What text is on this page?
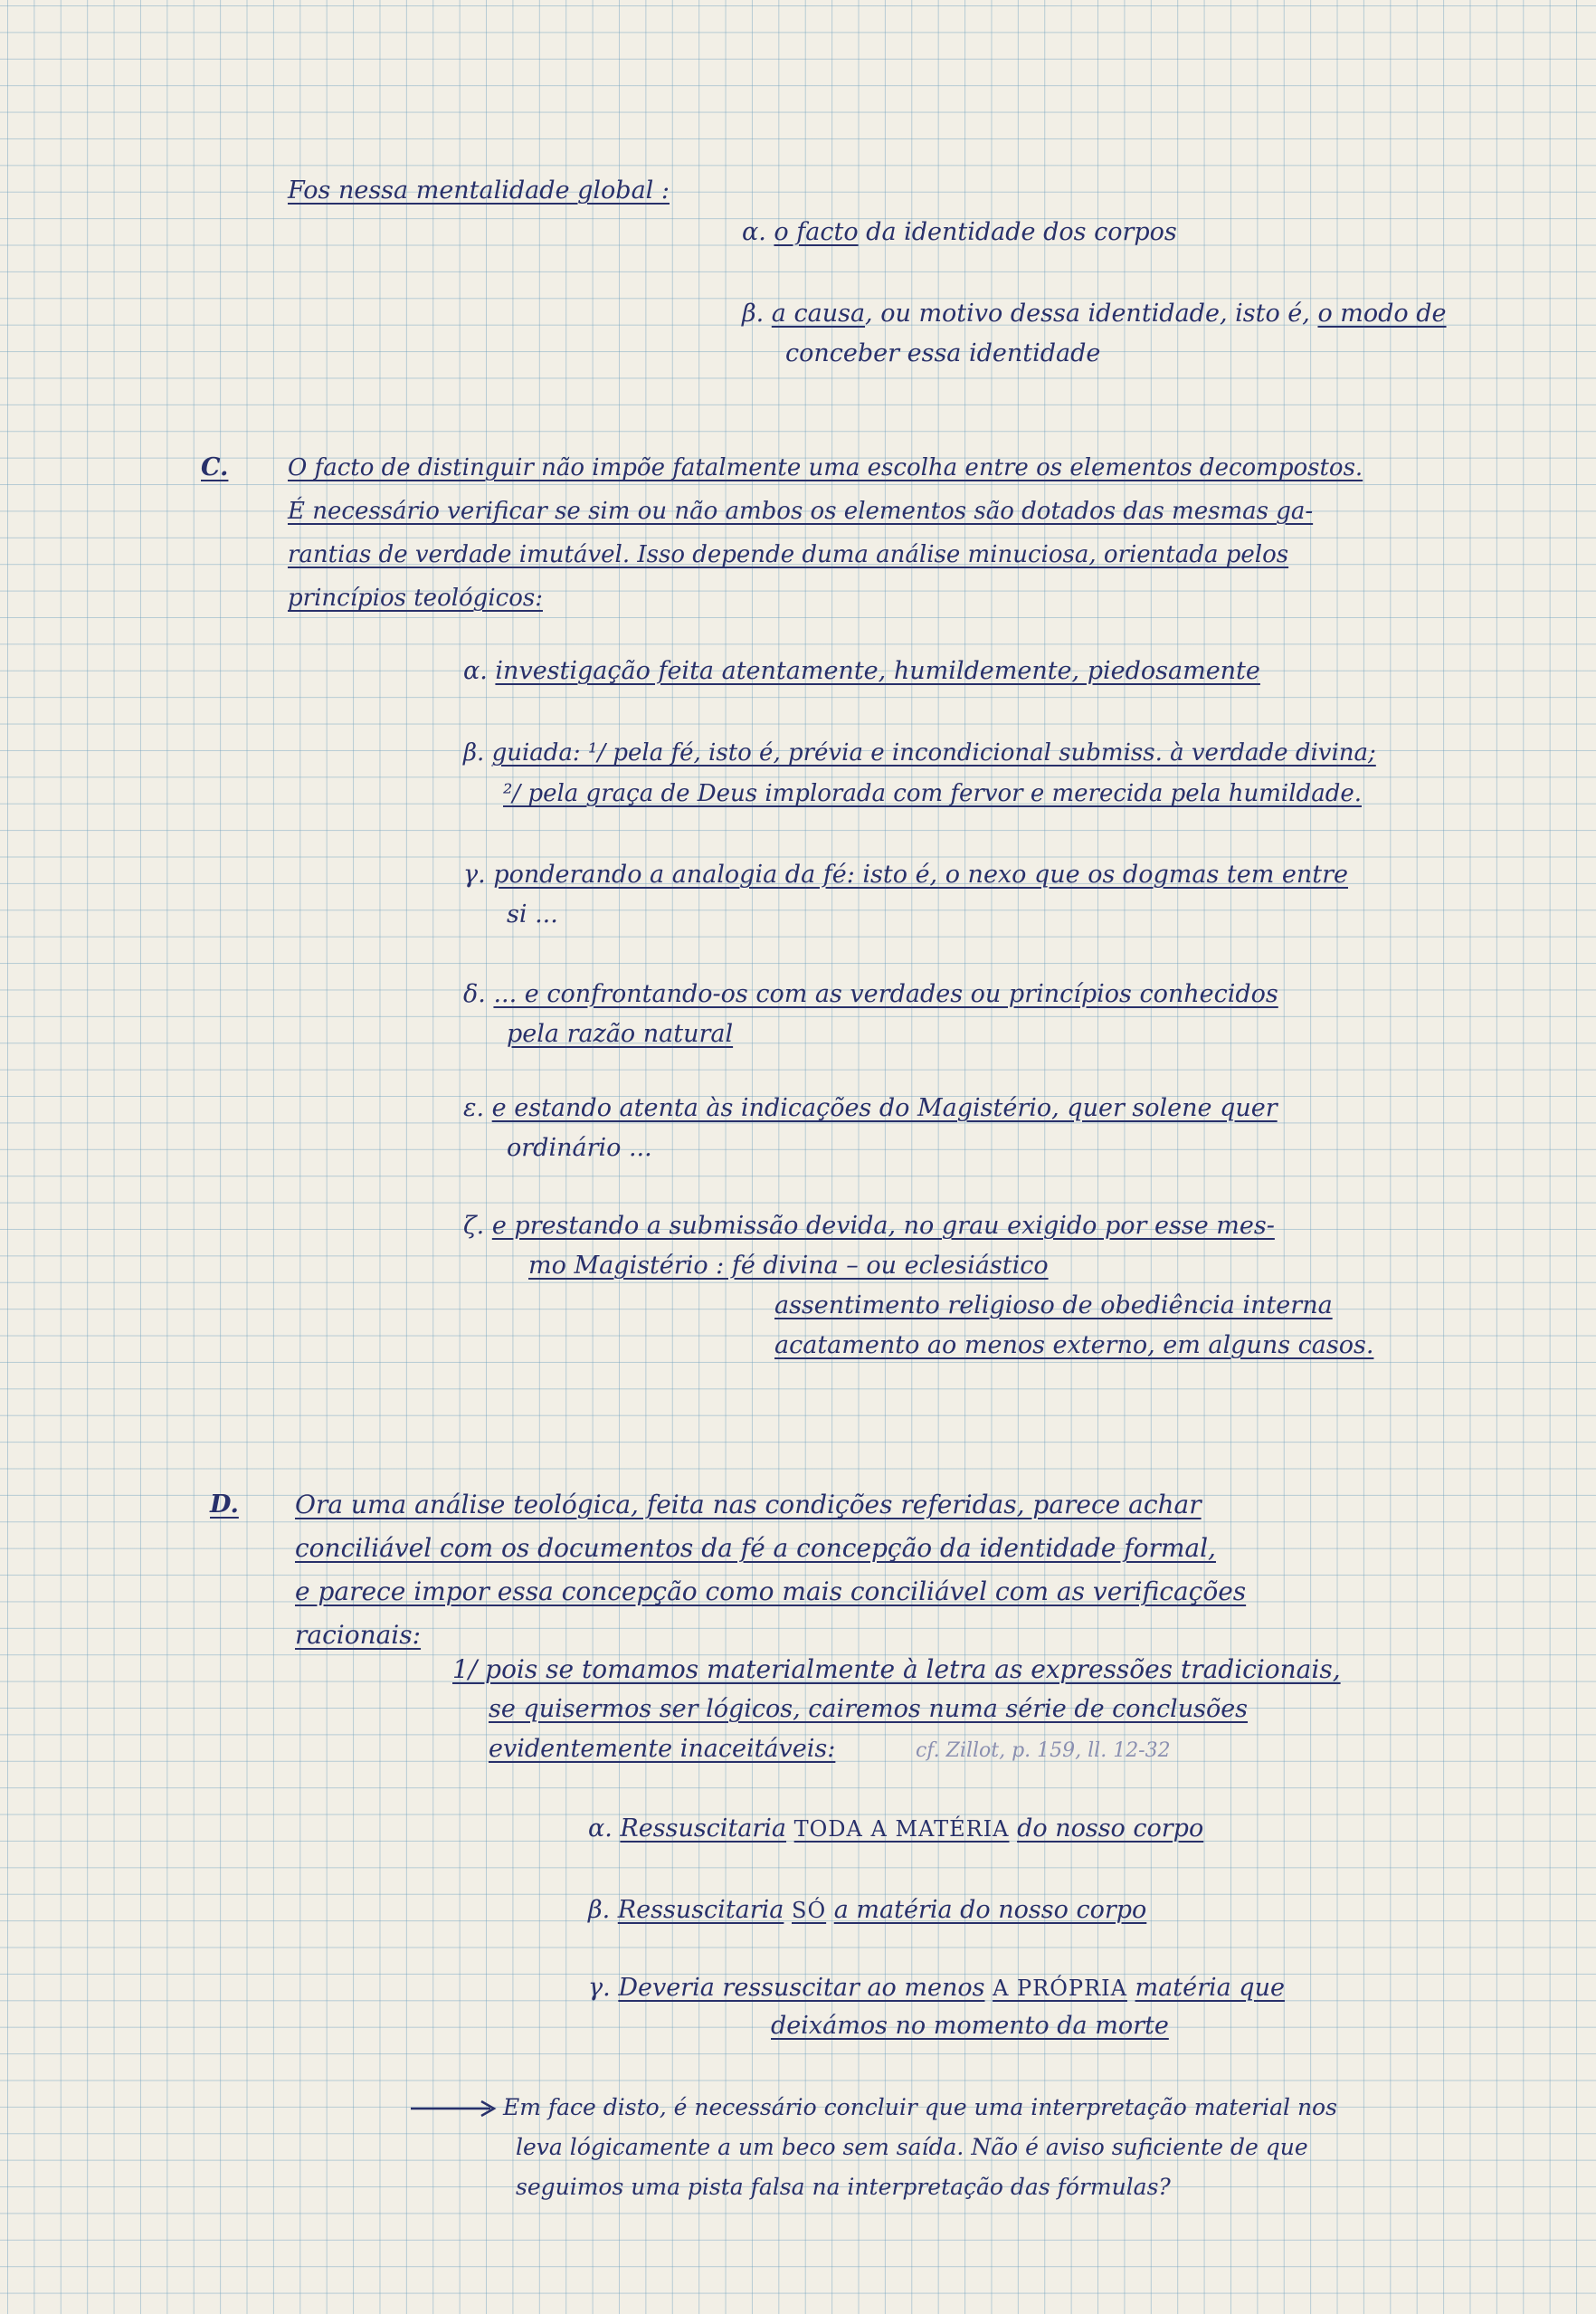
Fos nessa mentalidade global :
α. o facto da identidade dos corpos
β. a causa, ou motivo dessa identidade, isto é, o modo de
conceber essa identidade
C.	O facto de distinguir não impõe fatalmente uma escolha entre os elementos decompostos.
É necessário verificar se sim ou não ambos os elementos são dotados das mesmas ga-
rantias de verdade imutável. Isso depende duma análise minuciosa, orientada pelos
princípios teológicos:
α. investigação feita atentamente, humildemente, piedosamente
β. guiada: ¹/ pela fé, isto é, prévia e incondicional submiss. à verdade divina;
²/ pela graça de Deus implorada com fervor e merecida pela humildade.
γ. ponderando a analogia da fé: isto é, o nexo que os dogmas tem entre
si ...
δ. ... e confrontando-os com as verdades ou princípios conhecidos
pela razão natural
ε. e estando atenta às indicações do Magistério, quer solene quer
ordinário ...
ζ. e prestando a submissão devida, no grau exigido por esse mes-
mo Magistério : fé divina – ou eclesiástico
assentimento religioso de obediência interna
acatamento ao menos externo, em alguns casos.
D. Ora uma análise teológica, feita nas condições referidas, parece achar
conciliável com os documentos da fé a concepção da identidade formal,
e parece impor essa concepção como mais conciliável com as verificações
racionais:
1/ pois se tomamos materialmente à letra as expressões tradicionais,
se quisermos ser lógicos, cairemos numa série de conclusões
evidentemente inaceitáveis:	cf. Zillot, p. 159, ll. 12-32
α. Ressuscitaria TODA A MATÉRIA do nosso corpo
β. Ressuscitaria SÓ a matéria do nosso corpo
γ. Deveria ressuscitar ao menos A PRÓPRIA matéria que
deixámos no momento da morte
Em face disto, é necessário concluir que uma interpretação material nos
leva lógicamente a um beco sem saída. Não é aviso suficiente de que
seguimos uma pista falsa na interpretação das fórmulas?
